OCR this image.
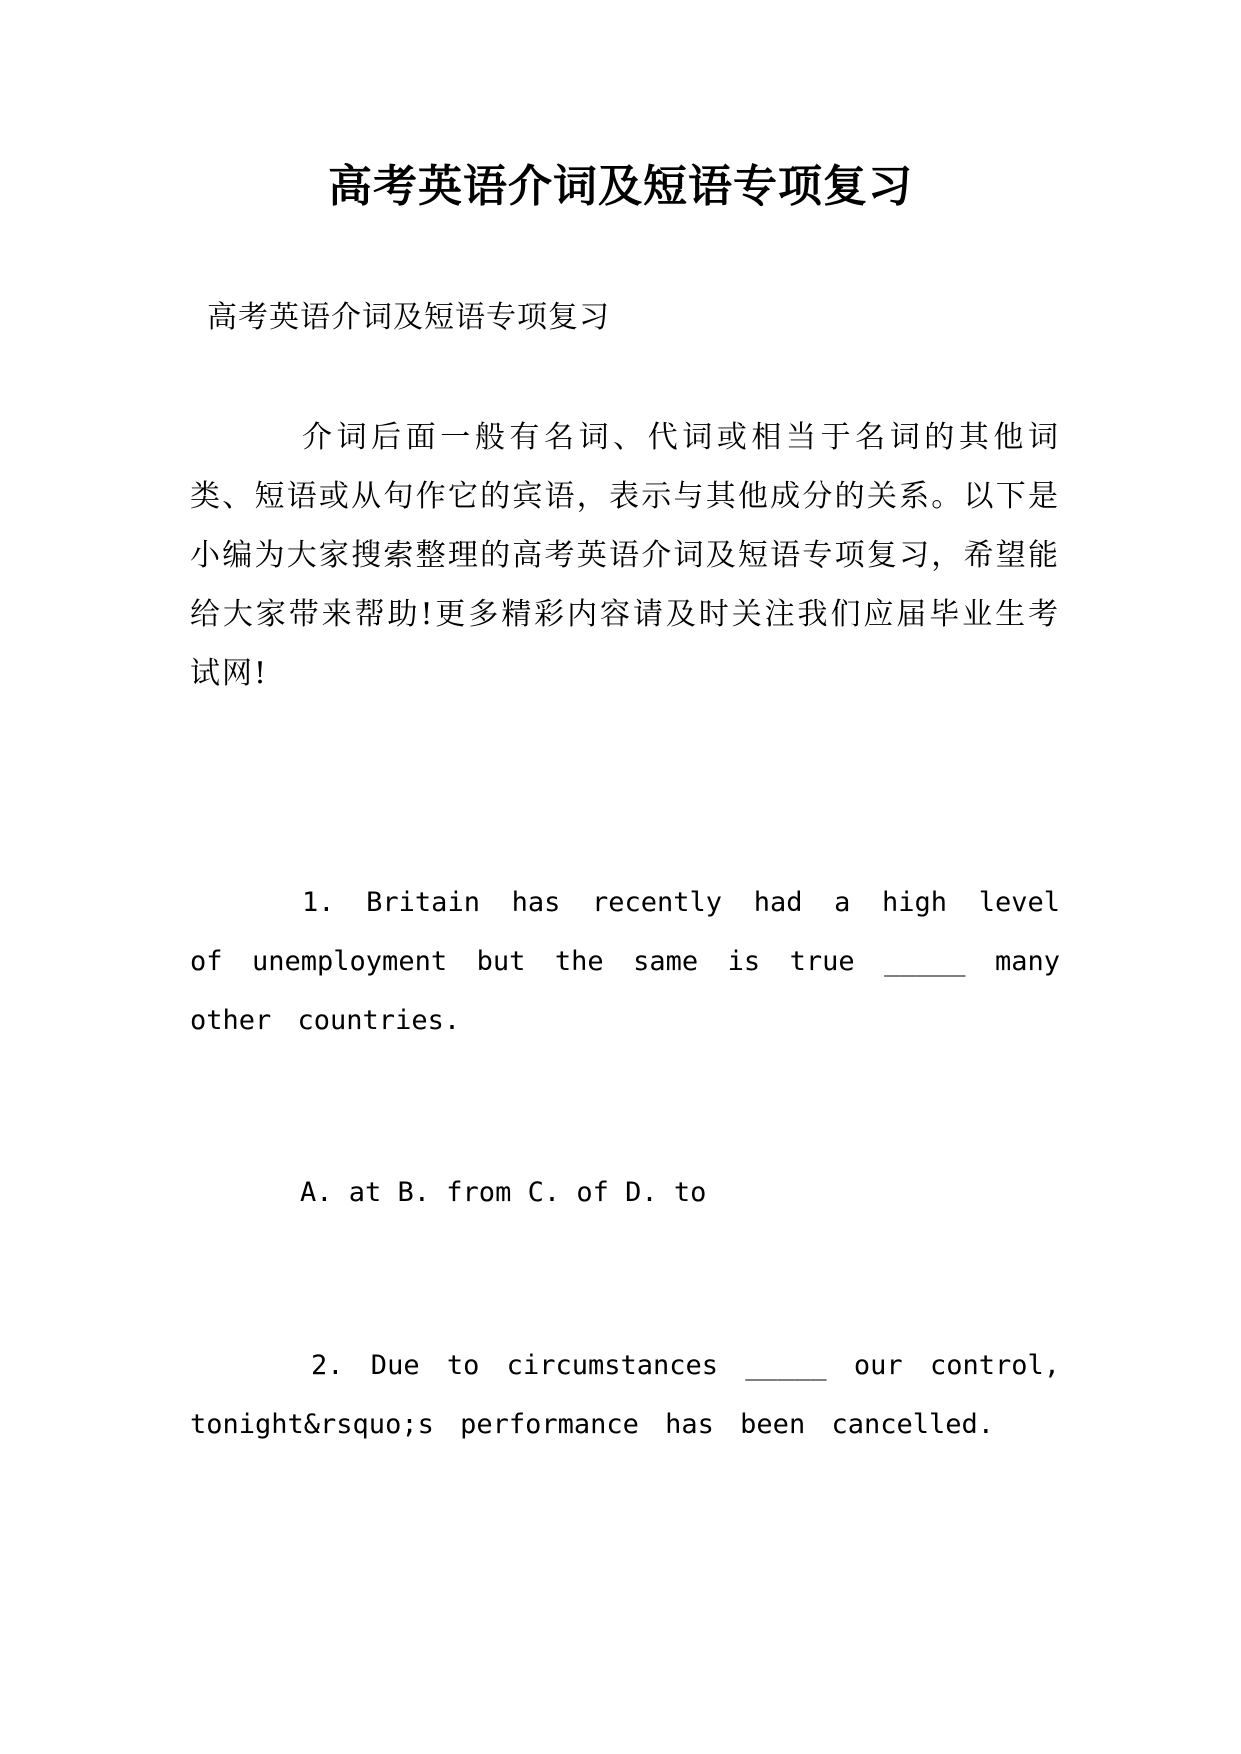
高考英语介词及短语专项复习

高考英语介词及短语专项复习

介词后面一般有名词、代词或相当于名词的其他词类、短语或从句作它的宾语，表示与其他成分的关系。以下是小编为大家搜索整理的高考英语介词及短语专项复习，希望能给大家带来帮助!更多精彩内容请及时关注我们应届毕业生考试网!

1. Britain has recently had a high level of unemployment but the same is true _____ many other countries.

A. at B. from C. of D. to

2. Due to circumstances _____ our control, tonight&rsquo;s performance has been cancelled.
